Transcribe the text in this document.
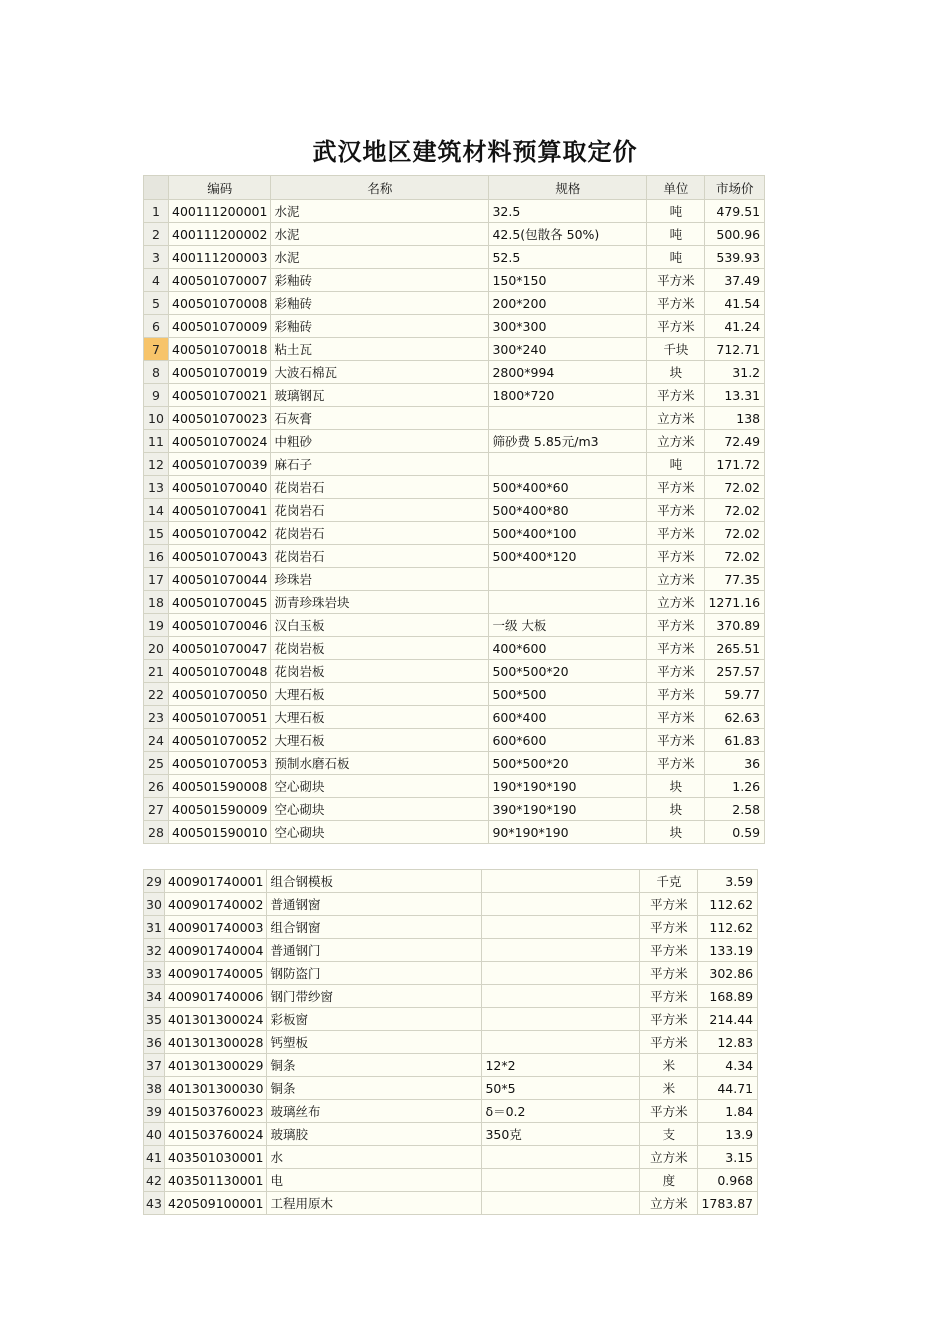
武汉地区建筑材料预算取定价
	编码	名称	规格	单位	市场价
1	400111200001	水泥	32.5	吨	479.51
2	400111200002	水泥	42.5(包散各 50%)	吨	500.96
3	400111200003	水泥	52.5	吨	539.93
4	400501070007	彩釉砖	150*150	平方米	37.49
5	400501070008	彩釉砖	200*200	平方米	41.54
6	400501070009	彩釉砖	300*300	平方米	41.24
7	400501070018	粘土瓦	300*240	千块	712.71
8	400501070019	大波石棉瓦	2800*994	块	31.2
9	400501070021	玻璃钢瓦	1800*720	平方米	13.31
10	400501070023	石灰膏		立方米	138
11	400501070024	中粗砂	筛砂费 5.85元/m3	立方米	72.49
12	400501070039	麻石子		吨	171.72
13	400501070040	花岗岩石	500*400*60	平方米	72.02
14	400501070041	花岗岩石	500*400*80	平方米	72.02
15	400501070042	花岗岩石	500*400*100	平方米	72.02
16	400501070043	花岗岩石	500*400*120	平方米	72.02
17	400501070044	珍珠岩		立方米	77.35
18	400501070045	沥青珍珠岩块		立方米	1271.16
19	400501070046	汉白玉板	一级 大板	平方米	370.89
20	400501070047	花岗岩板	400*600	平方米	265.51
21	400501070048	花岗岩板	500*500*20	平方米	257.57
22	400501070050	大理石板	500*500	平方米	59.77
23	400501070051	大理石板	600*400	平方米	62.63
24	400501070052	大理石板	600*600	平方米	61.83
25	400501070053	预制水磨石板	500*500*20	平方米	36
26	400501590008	空心砌块	190*190*190	块	1.26
27	400501590009	空心砌块	390*190*190	块	2.58
28	400501590010	空心砌块	90*190*190	块	0.59
29	400901740001	组合钢模板		千克	3.59
30	400901740002	普通钢窗		平方米	112.62
31	400901740003	组合钢窗		平方米	112.62
32	400901740004	普通钢门		平方米	133.19
33	400901740005	钢防盗门		平方米	302.86
34	400901740006	钢门带纱窗		平方米	168.89
35	401301300024	彩板窗		平方米	214.44
36	401301300028	钙塑板		平方米	12.83
37	401301300029	铜条	12*2	米	4.34
38	401301300030	铜条	50*5	米	44.71
39	401503760023	玻璃丝布	δ＝0.2	平方米	1.84
40	401503760024	玻璃胶	350克	支	13.9
41	403501030001	水		立方米	3.15
42	403501130001	电		度	0.968
43	420509100001	工程用原木		立方米	1783.87
